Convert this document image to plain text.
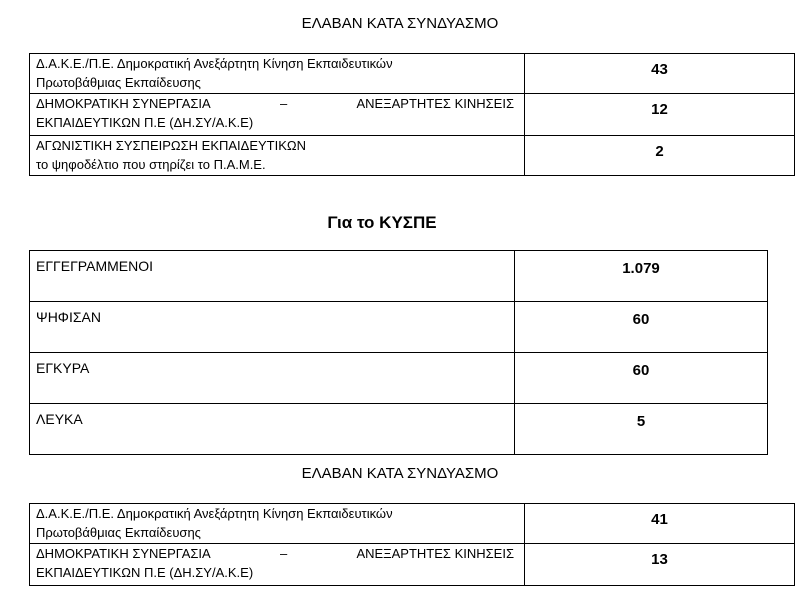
ΕΛΑΒΑΝ ΚΑΤΑ ΣΥΝΔΥΑΣΜΟ
Δ.Α.Κ.Ε./Π.Ε. Δημοκρατική Ανεξάρτητη Κίνηση Εκπαιδευτικών
Πρωτοβάθμιας Εκπαίδευσης	43

ΔΗΜΟΚΡΑΤΙΚΗ ΣΥΝΕΡΓΑΣΙΑ – ΑΝΕΞΑΡΤΗΤΕΣ ΚΙΝΗΣΕΙΣ
ΕΚΠΑΙΔΕΥΤΙΚΩΝ Π.Ε (ΔΗ.ΣΥ/Α.Κ.Ε)	12

ΑΓΩΝΙΣΤΙΚΗ ΣΥΣΠΕΙΡΩΣΗ ΕΚΠΑΙΔΕΥΤΙΚΩΝ
το ψηφοδέλτιο που στηρίζει το Π.Α.Μ.Ε.	2
Για το ΚΥΣΠΕ
ΕΓΓΕΓΡΑΜΜΕΝΟΙ	1.079
ΨΗΦΙΣΑΝ	60
ΕΓΚΥΡΑ	60
ΛΕΥΚΑ	5
ΕΛΑΒΑΝ ΚΑΤΑ ΣΥΝΔΥΑΣΜΟ
Δ.Α.Κ.Ε./Π.Ε. Δημοκρατική Ανεξάρτητη Κίνηση Εκπαιδευτικών
Πρωτοβάθμιας Εκπαίδευσης	41

ΔΗΜΟΚΡΑΤΙΚΗ ΣΥΝΕΡΓΑΣΙΑ – ΑΝΕΞΑΡΤΗΤΕΣ ΚΙΝΗΣΕΙΣ
ΕΚΠΑΙΔΕΥΤΙΚΩΝ Π.Ε (ΔΗ.ΣΥ/Α.Κ.Ε)	13
